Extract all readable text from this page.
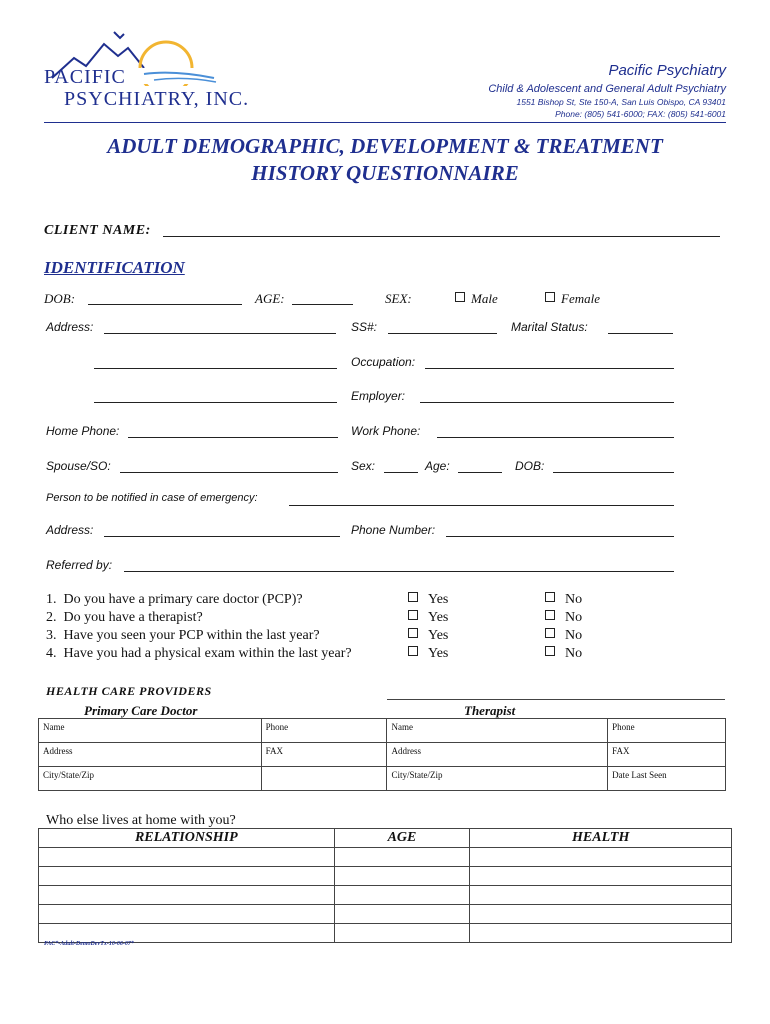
PACIFIC
PSYCHIATRY, INC.
Pacific Psychiatry
Child & Adolescent and General Adult Psychiatry
1551 Bishop St, Ste 150-A, San Luis Obispo, CA 93401
Phone: (805) 541-6000; FAX: (805) 541-6001
ADULT DEMOGRAPHIC, DEVELOPMENT & TREATMENT
HISTORY QUESTIONNAIRE
CLIENT NAME:
IDENTIFICATION
DOB:	AGE:	SEX:	Male	Female
Address:	SS#:	Marital Status:
Occupation:
Employer:
Home Phone:	Work Phone:
Spouse/SO:	Sex:	Age:	DOB:
Person to be notified in case of emergency:
Address:	Phone Number:
Referred by:
1.  Do you have a primary care doctor (PCP)?	Yes	No
2.  Do you have a therapist?	Yes	No
3.  Have you seen your PCP within the last year?	Yes	No
4.  Have you had a physical exam within the last year?	Yes	No
HEALTH CARE PROVIDERS
Primary Care Doctor	Therapist
Name	Phone	Name	Phone
Address	FAX	Address	FAX
City/State/Zip		City/State/Zip	Date Last Seen
Who else lives at home with you?
RELATIONSHIP	AGE	HEALTH

PAC*-Adult-DemoDevTx-10-06-07*
